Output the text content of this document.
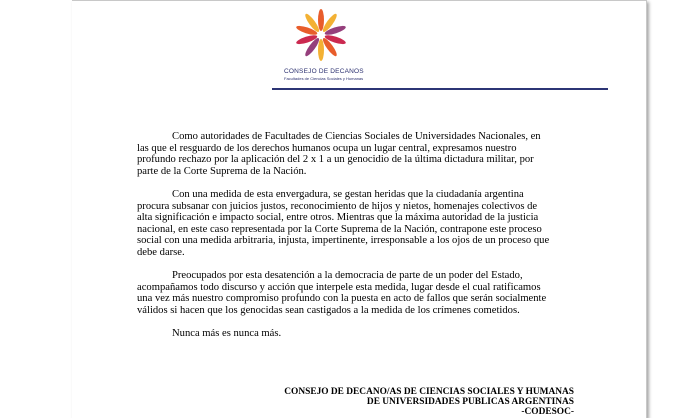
CONSEJO DE DECANOS
Facultades de Ciencias Sociales y Humanas

Como autoridades de Facultades de Ciencias Sociales de Universidades Nacionales, en las que el resguardo de los derechos humanos ocupa un lugar central, expresamos nuestro profundo rechazo por la aplicación del 2 x 1 a un genocidio de la última dictadura militar, por parte de la Corte Suprema de la Nación.

Con una medida de esta envergadura, se gestan heridas que la ciudadanía argentina procura subsanar con juicios justos, reconocimiento de hijos y nietos, homenajes colectivos de alta significación e impacto social, entre otros. Mientras que la máxima autoridad de la justicia nacional, en este caso representada por la Corte Suprema de la Nación, contrapone este proceso social con una medida arbitraria, injusta, impertinente, irresponsable a los ojos de un proceso que debe darse.

Preocupados por esta desatención a la democracia de parte de un poder del Estado, acompañamos todo discurso y acción que interpele esta medida, lugar desde el cual ratificamos una vez más nuestro compromiso profundo con la puesta en acto de fallos que serán socialmente válidos si hacen que los genocidas sean castigados a la medida de los crímenes cometidos.

Nunca más es nunca más.

CONSEJO DE DECANO/AS DE CIENCIAS SOCIALES Y HUMANAS
DE UNIVERSIDADES PUBLICAS ARGENTINAS
-CODESOC-
